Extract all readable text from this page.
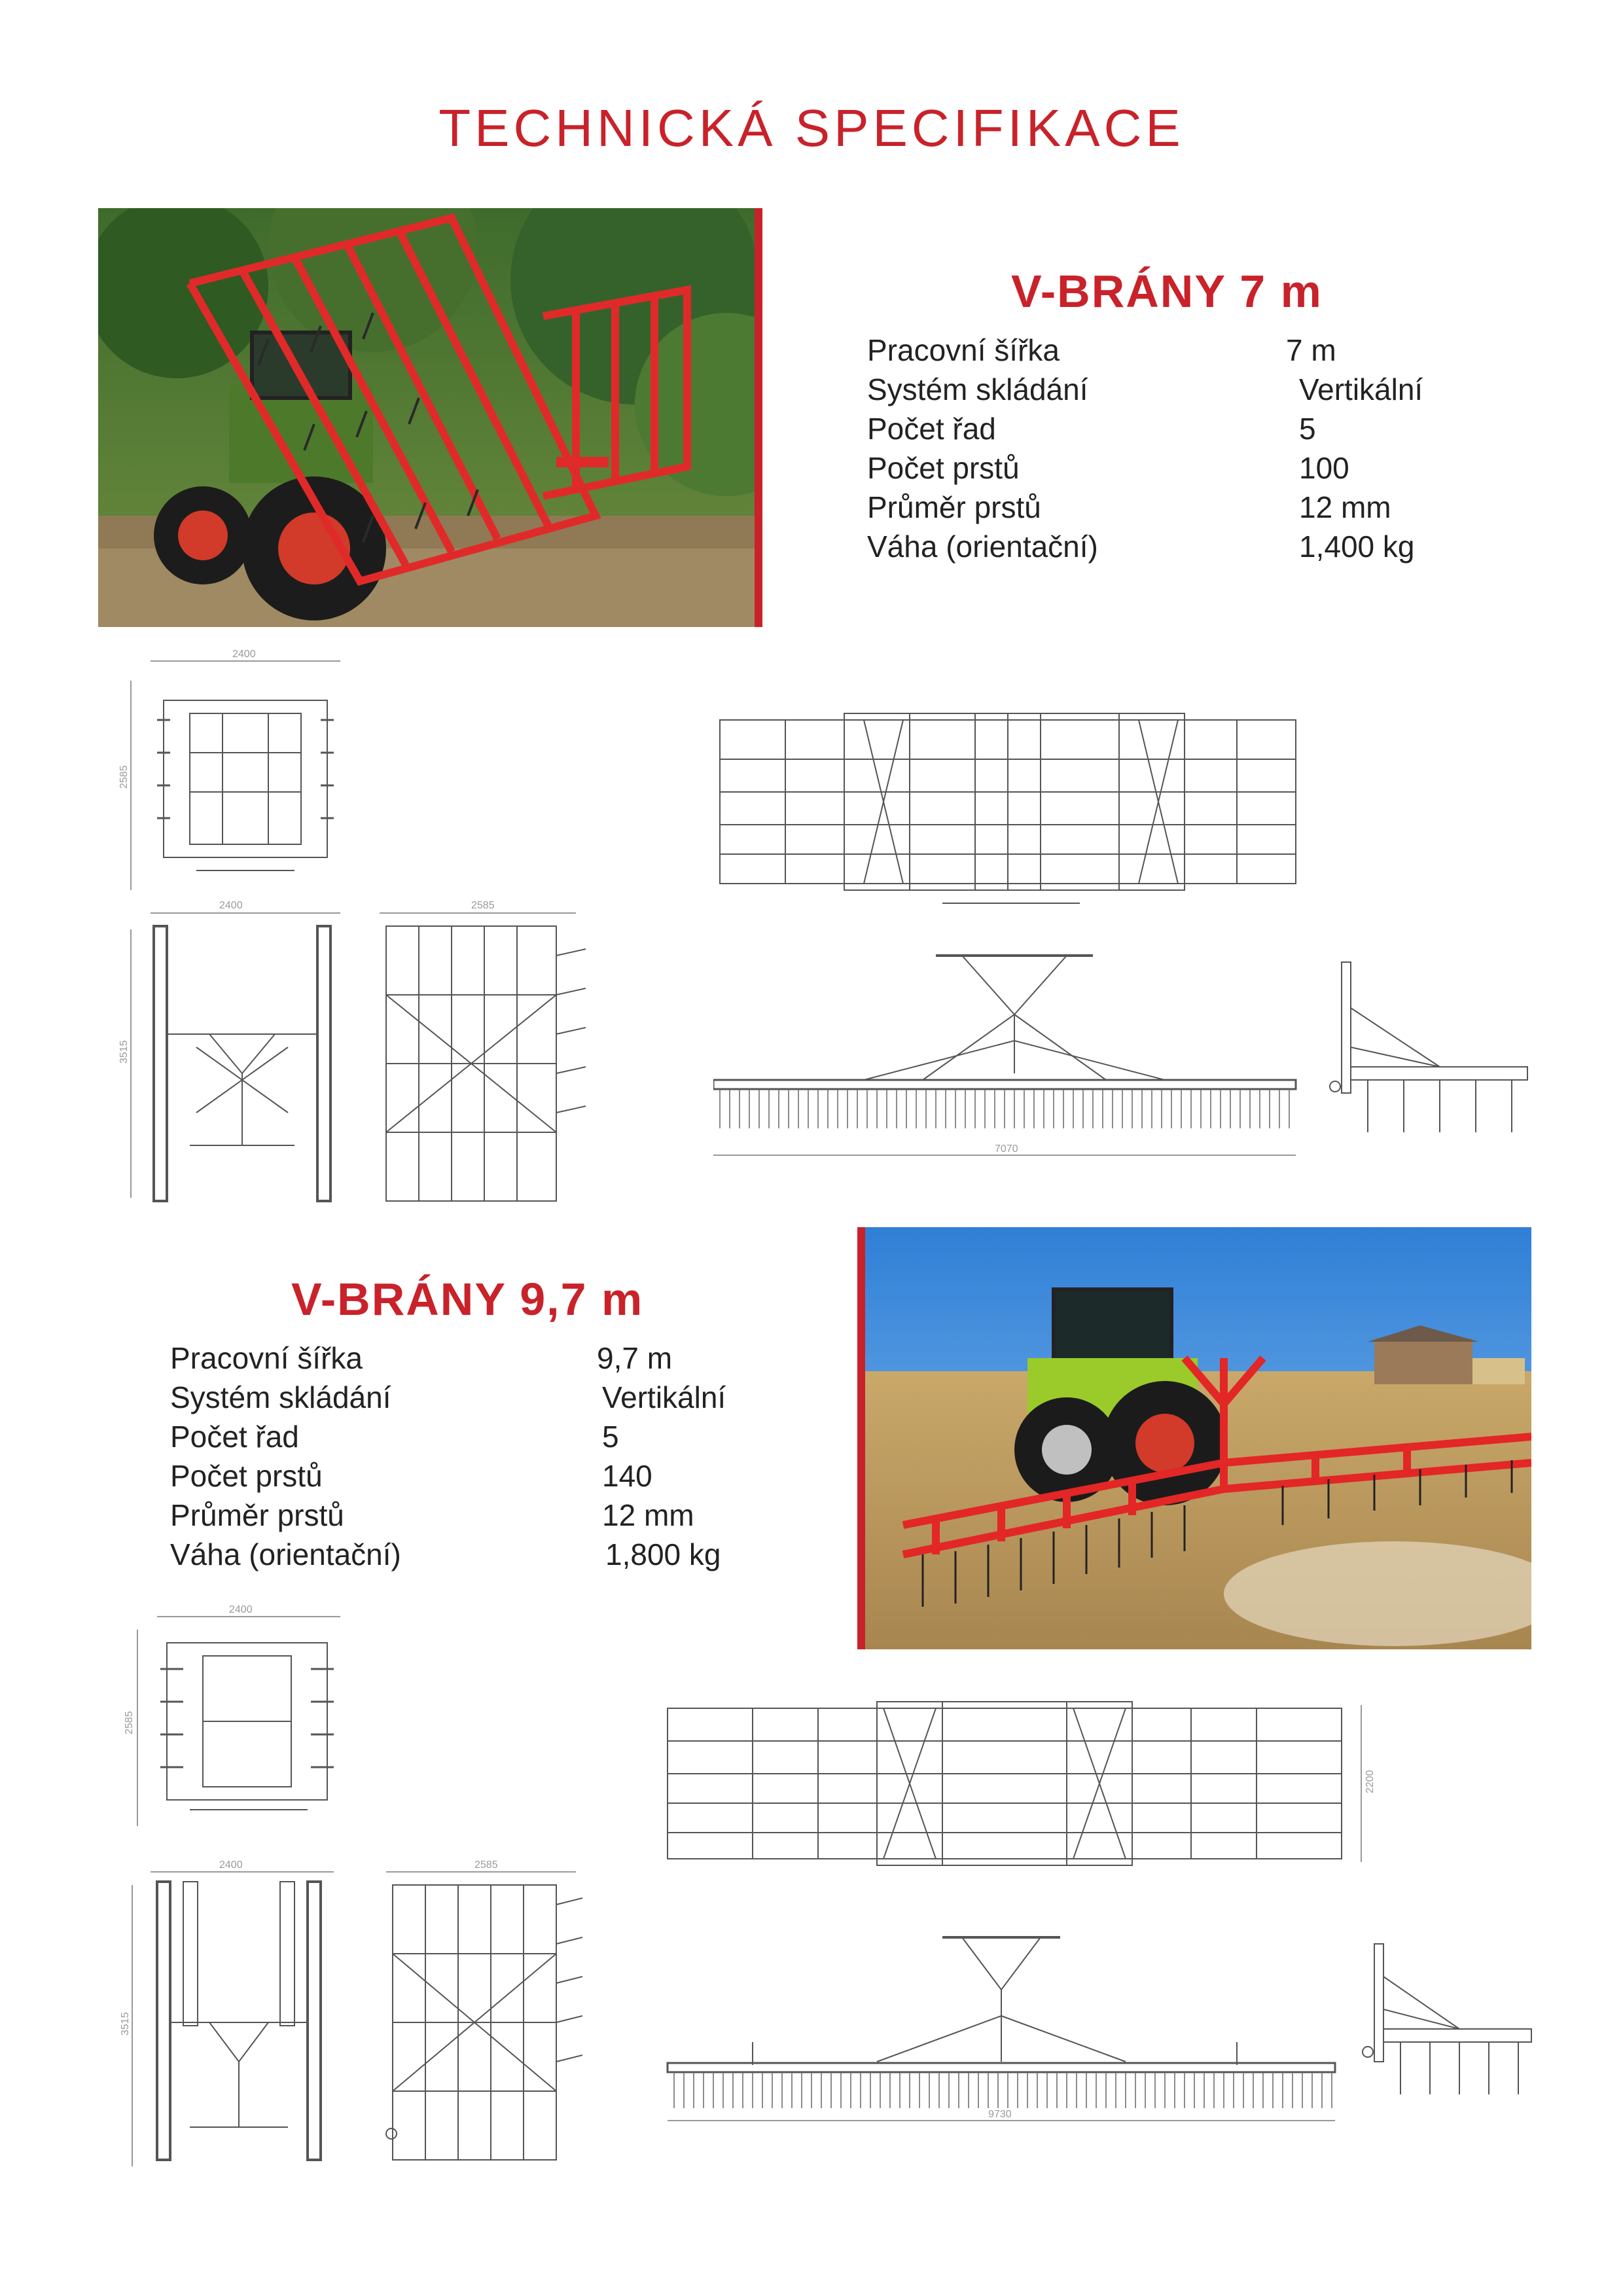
TECHNICKÁ SPECIFIKACE
V-BRÁNY 7 m
Pracovní šířka	7 m
Systém skládání	Vertikální
Počet řad	5
Počet prstů	100
Průměr prstů	12 mm
Váha (orientační)	1,400 kg
2400
2585
2400
3515
2585
7070
V-BRÁNY 9,7 m
Pracovní šířka	9,7 m
Systém skládání	Vertikální
Počet řad	5
Počet prstů	140
Průměr prstů	12 mm
Váha (orientační)	1,800 kg
2400
2585
2400
3515
2585
2200
9730
